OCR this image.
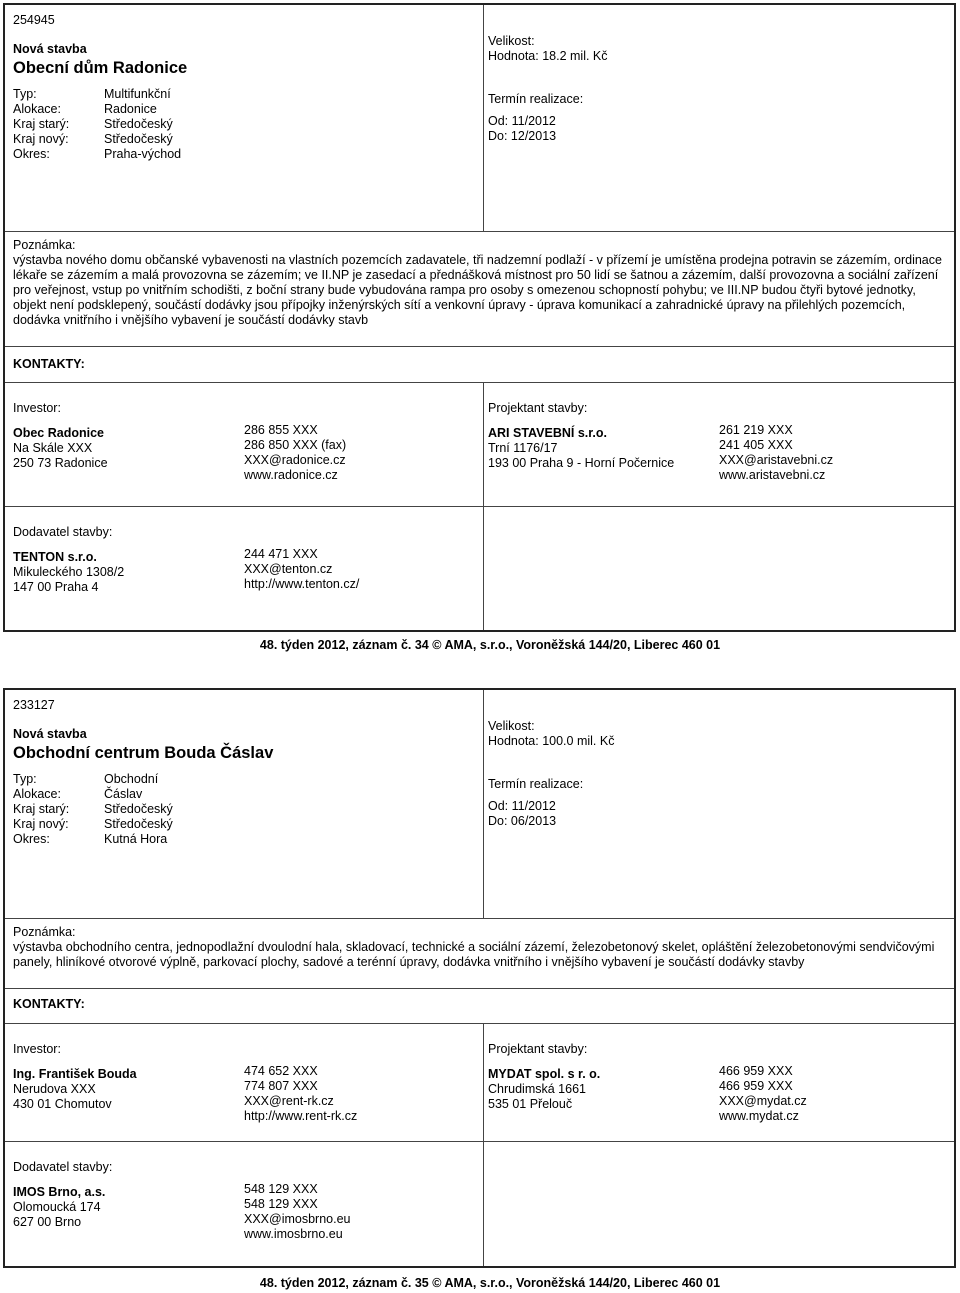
254945
Nová stavba
Obecní dům Radonice
Typ:	Multifunkční
Alokace:	Radonice
Kraj starý:	Středočeský
Kraj nový:	Středočeský
Okres:	Praha-východ
Velikost:
Hodnota: 18.2 mil. Kč
Termín realizace:
Od: 11/2012
Do: 12/2013
Poznámka:
výstavba nového domu občanské vybavenosti na vlastních pozemcích zadavatele, tři nadzemní podlaží - v přízemí je umístěna prodejna potravin se zázemím, ordinace lékaře se zázemím a malá provozovna se zázemím; ve II.NP je zasedací a přednášková místnost pro 50 lidí se šatnou a zázemím, další provozovna a sociální zařízení pro veřejnost, vstup po vnitřním schodišti, z boční strany bude vybudována rampa pro osoby s omezenou schopností pohybu; ve III.NP budou čtyři bytové jednotky, objekt není podsklepený, součástí dodávky jsou přípojky inženýrských sítí a venkovní úpravy - úprava komunikací a zahradnické úpravy na přilehlých pozemcích, dodávka vnitřního i vnějšího vybavení je součástí dodávky stavb
KONTAKTY:
Investor:
Obec Radonice
Na Skále XXX
250 73 Radonice
286 855 XXX
286 850 XXX (fax)
XXX@radonice.cz
www.radonice.cz
Projektant stavby:
ARI STAVEBNÍ s.r.o.
Trní 1176/17
193 00 Praha 9 - Horní Počernice
261 219 XXX
241 405 XXX
XXX@aristavebni.cz
www.aristavebni.cz
Dodavatel stavby:
TENTON s.r.o.
Mikuleckého 1308/2
147 00 Praha 4
244 471 XXX
XXX@tenton.cz
http://www.tenton.cz/
48. týden 2012, záznam č. 34 © AMA, s.r.o., Voroněžská 144/20, Liberec 460 01
233127
Nová stavba
Obchodní centrum Bouda Čáslav
Typ:	Obchodní
Alokace:	Čáslav
Kraj starý:	Středočeský
Kraj nový:	Středočeský
Okres:	Kutná Hora
Velikost:
Hodnota: 100.0 mil. Kč
Termín realizace:
Od: 11/2012
Do: 06/2013
Poznámka:
výstavba obchodního centra, jednopodlažní dvoulodní hala, skladovací, technické a sociální zázemí, železobetonový skelet, opláštění železobetonovými sendvičovými panely, hliníkové otvorové výplně, parkovací plochy, sadové a terénní úpravy, dodávka vnitřního i vnějšího vybavení je součástí dodávky stavby
KONTAKTY:
Investor:
Ing. František Bouda
Nerudova XXX
430 01 Chomutov
474 652 XXX
774 807 XXX
XXX@rent-rk.cz
http://www.rent-rk.cz
Projektant stavby:
MYDAT spol. s r. o.
Chrudimská 1661
535 01 Přelouč
466 959 XXX
466 959 XXX
XXX@mydat.cz
www.mydat.cz
Dodavatel stavby:
IMOS Brno, a.s.
Olomoucká 174
627 00 Brno
548 129 XXX
548 129 XXX
XXX@imosbrno.eu
www.imosbrno.eu
48. týden 2012, záznam č. 35 © AMA, s.r.o., Voroněžská 144/20, Liberec 460 01
